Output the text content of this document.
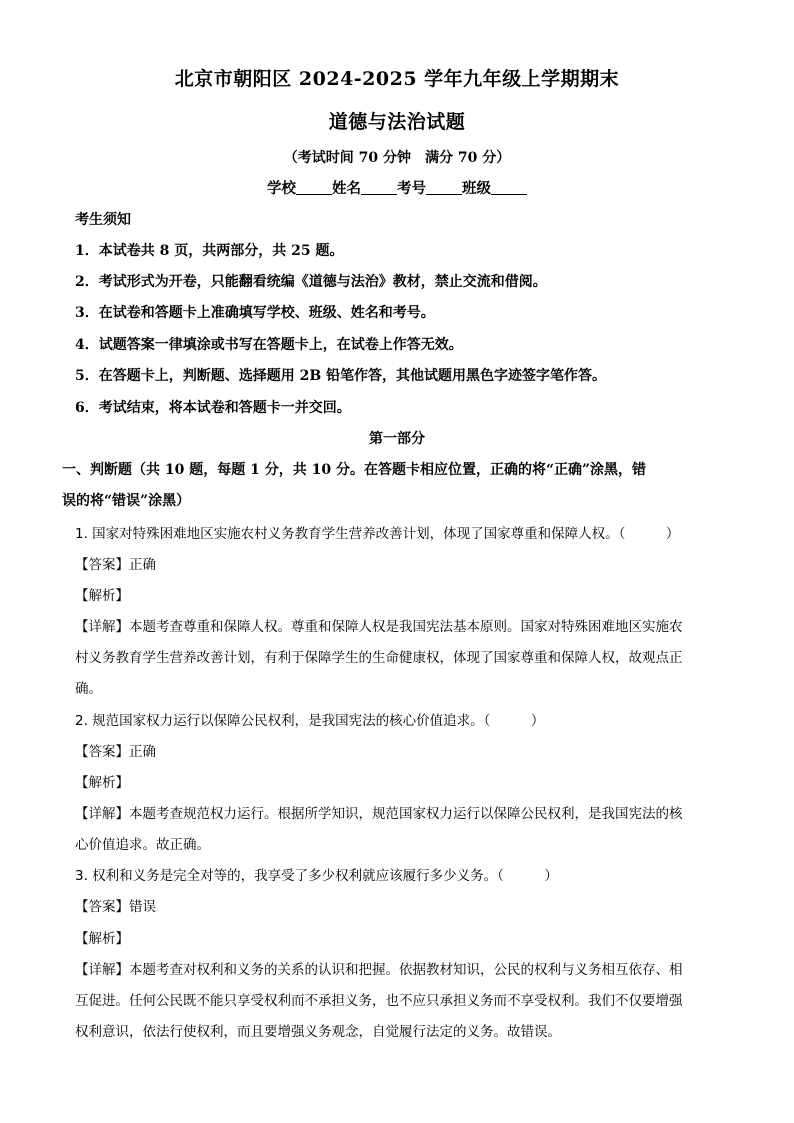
北京市朝阳区 2024-2025 学年九年级上学期期末
道德与法治试题
（考试时间 70 分钟　满分 70 分）
学校 姓名 考号 班级
考生须知
1．本试卷共 8 页，共两部分，共 25 题。
2．考试形式为开卷，只能翻看统编《道德与法治》教材，禁止交流和借阅。
3．在试卷和答题卡上准确填写学校、班级、姓名和考号。
4．试题答案一律填涂或书写在答题卡上，在试卷上作答无效。
5．在答题卡上，判断题、选择题用 2B 铅笔作答，其他试题用黑色字迹签字笔作答。
6．考试结束，将本试卷和答题卡一并交回。
第一部分
一、判断题（共 10 题，每题 1 分，共 10 分。在答题卡相应位置，正确的将“正确”涂黑，错
误的将“错误”涂黑）
1. 国家对特殊困难地区实施农村义务教育学生营养改善计划，体现了国家尊重和保障人权。（　　　）
【答案】正确
【解析】
【详解】本题考查尊重和保障人权。尊重和保障人权是我国宪法基本原则。国家对特殊困难地区实施农
村义务教育学生营养改善计划，有利于保障学生的生命健康权，体现了国家尊重和保障人权，故观点正
确。
2. 规范国家权力运行以保障公民权利，是我国宪法的核心价值追求。（　　　）
【答案】正确
【解析】
【详解】本题考查规范权力运行。根据所学知识，规范国家权力运行以保障公民权利，是我国宪法的核
心价值追求。故正确。
3. 权利和义务是完全对等的，我享受了多少权利就应该履行多少义务。（　　　）
【答案】错误
【解析】
【详解】本题考查对权利和义务的关系的认识和把握。依据教材知识，公民的权利与义务相互依存、相
互促进。任何公民既不能只享受权利而不承担义务，也不应只承担义务而不享受权利。我们不仅要增强
权利意识，依法行使权利，而且要增强义务观念，自觉履行法定的义务。故错误。
